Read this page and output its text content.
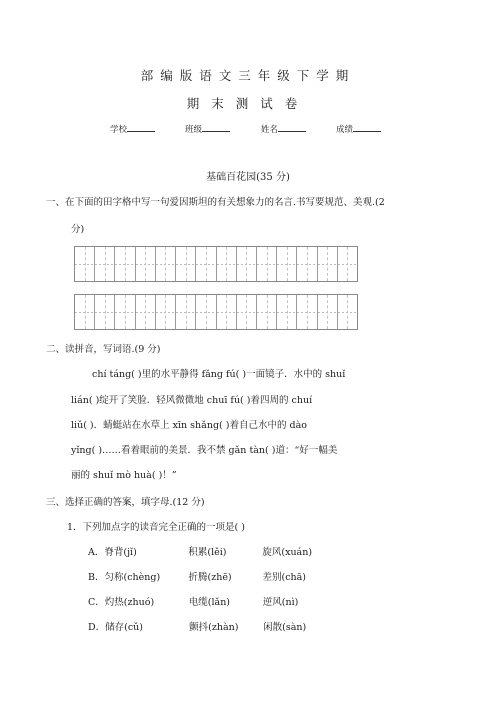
部编版语文三年级下学期
期末测试卷
学校	班级	姓名	成绩
基础百花园(35 分)
一、在下面的田字格中写一句爱因斯坦的有关想象力的名言.书写要规范、美观.(2
分)
二、读拼音，写词语.(9 分)
chí táng( )里的水平静得 fǎng fú( )一面镜子．水中的 shuǐ
lián( )绽开了笑脸．轻风微微地 chuī fú( )着四周的 chuí
liǔ( )．蜻蜓站在水草上 xīn shǎng( )着自己水中的 dào
yǐng( )……看着眼前的美景．我不禁 gǎn tàn( )道：“好一幅美
丽的 shuǐ mò huà( )！”
三、选择正确的答案，填字母.(12 分)
1．下列加点字的读音完全正确的一项是( )
A．脊背(jǐ)	积累(lěi)	旋风(xuán)
B．匀称(chèng)	折腾(zhē)	差别(chā)
C．灼热(zhuó)	电缆(lǎn)	逆风(nì)
D．储存(cǔ)	颤抖(zhàn)	闲散(sàn)
